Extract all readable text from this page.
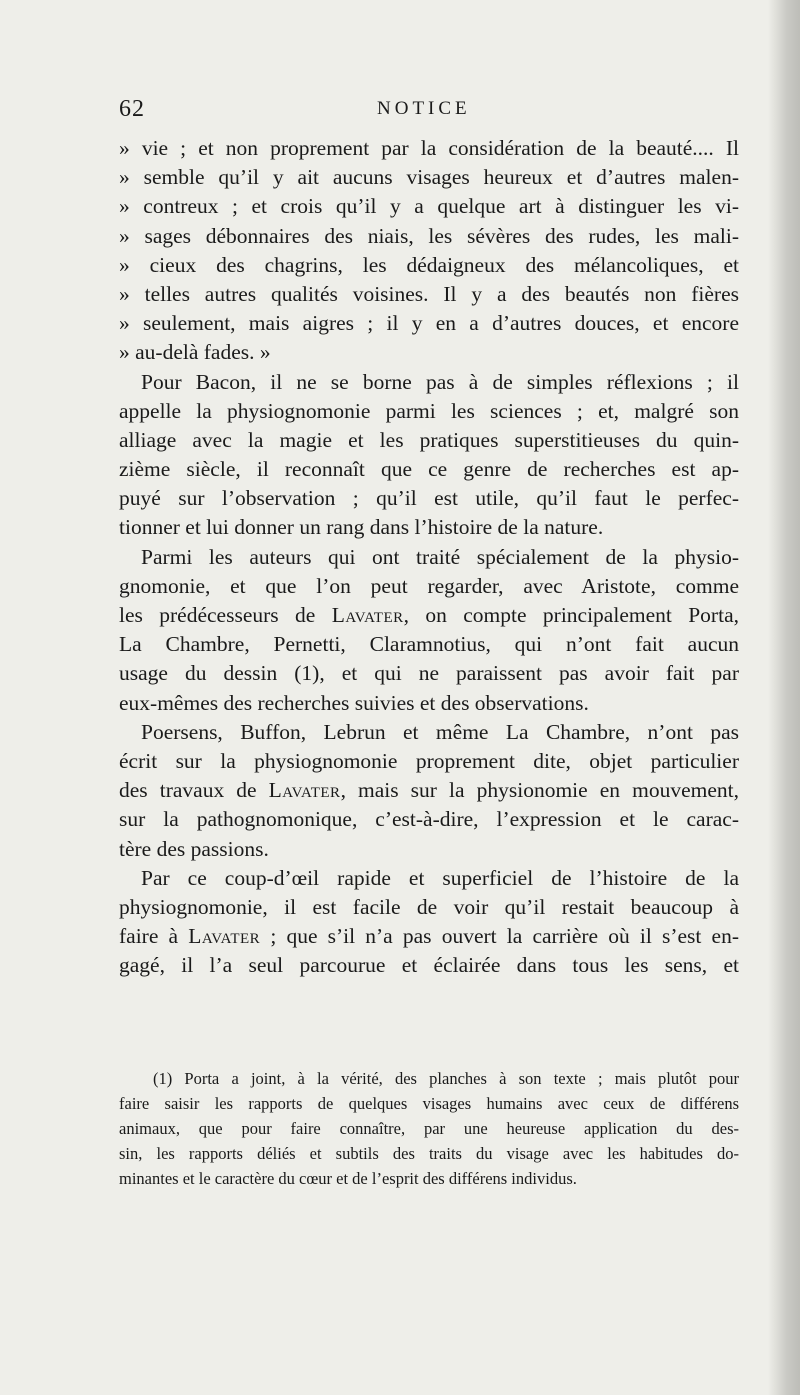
62	NOTICE
» vie ; et non proprement par la considération de la beauté.... Il
» semble qu’il y ait aucuns visages heureux et d’autres malen-
» contreux ; et crois qu’il y a quelque art à distinguer les vi-
» sages débonnaires des niais, les sévères des rudes, les mali-
» cieux des chagrins, les dédaigneux des mélancoliques, et
» telles autres qualités voisines. Il y a des beautés non fières
» seulement, mais aigres ; il y en a d’autres douces, et encore
» au-delà fades. »
Pour Bacon, il ne se borne pas à de simples réflexions ; il
appelle la physiognomonie parmi les sciences ; et, malgré son
alliage avec la magie et les pratiques superstitieuses du quin-
zième siècle, il reconnaît que ce genre de recherches est ap-
puyé sur l’observation ; qu’il est utile, qu’il faut le perfec-
tionner et lui donner un rang dans l’histoire de la nature.
Parmi les auteurs qui ont traité spécialement de la physio-
gnomonie, et que l’on peut regarder, avec Aristote, comme
les prédécesseurs de Lavater, on compte principalement Porta,
La Chambre, Pernetti, Claramnotius, qui n’ont fait aucun
usage du dessin (1), et qui ne paraissent pas avoir fait par
eux-mêmes des recherches suivies et des observations.
Poersens, Buffon, Lebrun et même La Chambre, n’ont pas
écrit sur la physiognomonie proprement dite, objet particulier
des travaux de Lavater, mais sur la physionomie en mouvement,
sur la pathognomonique, c’est-à-dire, l’expression et le carac-
tère des passions.
Par ce coup-d’œil rapide et superficiel de l’histoire de la
physiognomonie, il est facile de voir qu’il restait beaucoup à
faire à Lavater ; que s’il n’a pas ouvert la carrière où il s’est en-
gagé, il l’a seul parcourue et éclairée dans tous les sens, et
(1) Porta a joint, à la vérité, des planches à son texte ; mais plutôt pour
faire saisir les rapports de quelques visages humains avec ceux de différens
animaux, que pour faire connaître, par une heureuse application du des-
sin, les rapports déliés et subtils des traits du visage avec les habitudes do-
minantes et le caractère du cœur et de l’esprit des différens individus.
